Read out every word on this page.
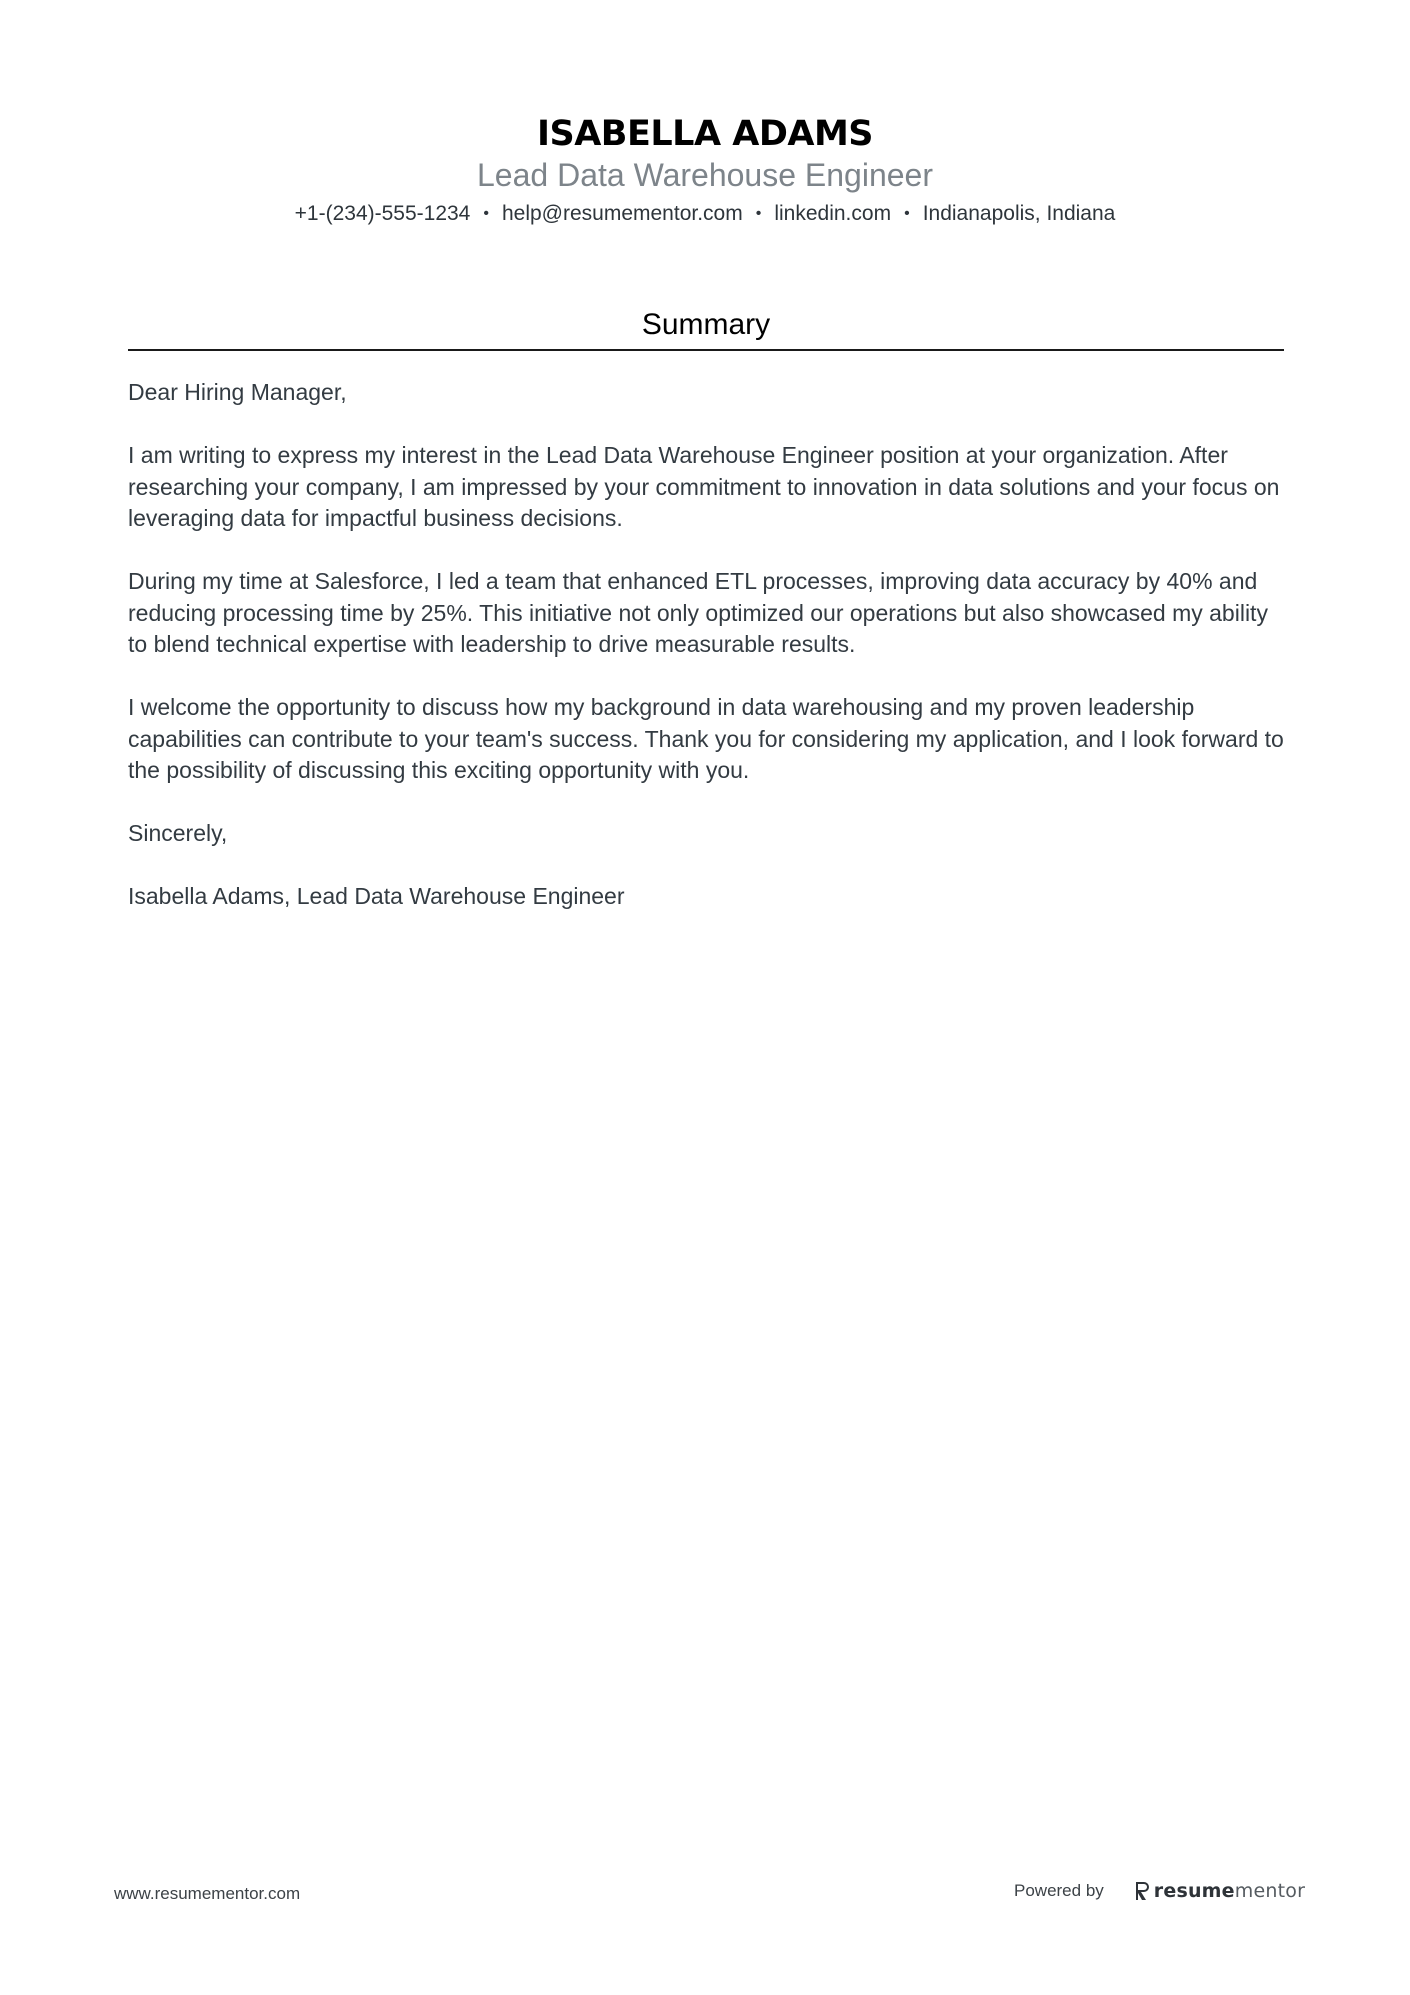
ISABELLA ADAMS
Lead Data Warehouse Engineer
+1-(234)-555-1234 • help@resumementor.com • linkedin.com • Indianapolis, Indiana
Summary

Dear Hiring Manager,

I am writing to express my interest in the Lead Data Warehouse Engineer position at your organization. After researching your company, I am impressed by your commitment to innovation in data solutions and your focus on leveraging data for impactful business decisions.

During my time at Salesforce, I led a team that enhanced ETL processes, improving data accuracy by 40% and reducing processing time by 25%. This initiative not only optimized our operations but also showcased my ability to blend technical expertise with leadership to drive measurable results.

I welcome the opportunity to discuss how my background in data warehousing and my proven leadership capabilities can contribute to your team's success. Thank you for considering my application, and I look forward to the possibility of discussing this exciting opportunity with you.

Sincerely,

Isabella Adams, Lead Data Warehouse Engineer

www.resumementor.com	Powered by	resumementor
